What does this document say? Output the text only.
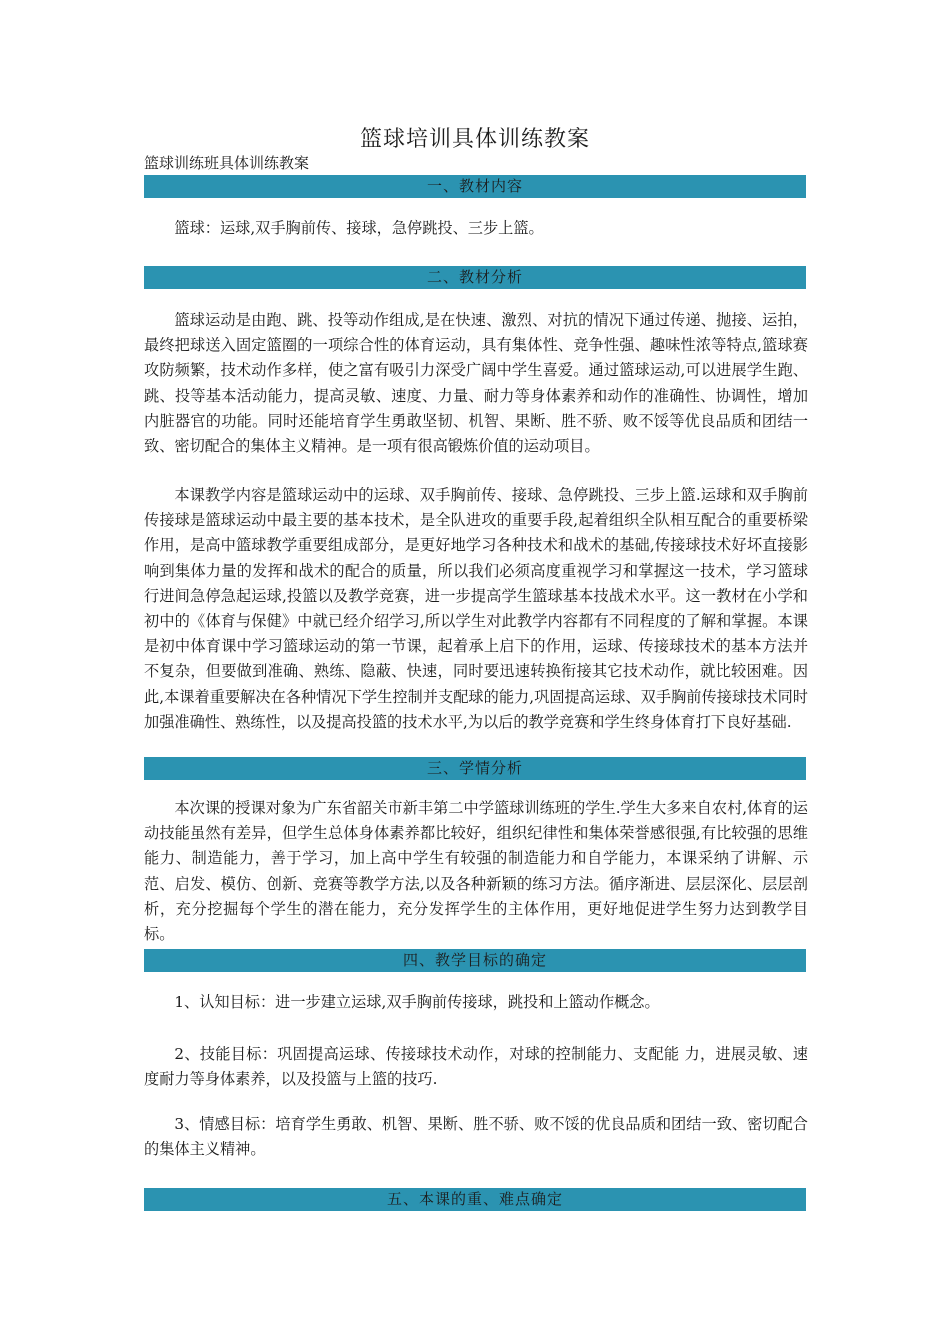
篮球培训具体训练教案
篮球训练班具体训练教案
一、教材内容

篮球：运球,双手胸前传、接球，急停跳投、三步上篮。

二、教材分析

篮球运动是由跑、跳、投等动作组成,是在快速、激烈、对抗的情况下通过传递、抛接、运拍，最终把球送入固定篮圈的一项综合性的体育运动，具有集体性、竞争性强、趣味性浓等特点,篮球赛攻防频繁，技术动作多样，使之富有吸引力深受广阔中学生喜爱。通过篮球运动,可以进展学生跑、跳、投等基本活动能力，提高灵敏、速度、力量、耐力等身体素养和动作的准确性、协调性，增加内脏器官的功能。同时还能培育学生勇敢坚韧、机智、果断、胜不骄、败不馁等优良品质和团结一致、密切配合的集体主义精神。是一项有很高锻炼价值的运动项目。

本课教学内容是篮球运动中的运球、双手胸前传、接球、急停跳投、三步上篮.运球和双手胸前传接球是篮球运动中最主要的基本技术，是全队进攻的重要手段,起着组织全队相互配合的重要桥梁作用，是高中篮球教学重要组成部分，是更好地学习各种技术和战术的基础,传接球技术好坏直接影响到集体力量的发挥和战术的配合的质量，所以我们必须高度重视学习和掌握这一技术，学习篮球行进间急停急起运球,投篮以及教学竞赛，进一步提高学生篮球基本技战术水平。这一教材在小学和初中的《体育与保健》中就已经介绍学习,所以学生对此教学内容都有不同程度的了解和掌握。本课是初中体育课中学习篮球运动的第一节课，起着承上启下的作用，运球、传接球技术的基本方法并不复杂，但要做到准确、熟练、隐蔽、快速，同时要迅速转换衔接其它技术动作，就比较困难。因此,本课着重要解决在各种情况下学生控制并支配球的能力,巩固提高运球、双手胸前传接球技术同时加强准确性、熟练性，以及提高投篮的技术水平,为以后的教学竞赛和学生终身体育打下良好基础.

三、学情分析

本次课的授课对象为广东省韶关市新丰第二中学篮球训练班的学生.学生大多来自农村,体育的运动技能虽然有差异，但学生总体身体素养都比较好，组织纪律性和集体荣誉感很强,有比较强的思维能力、制造能力，善于学习，加上高中学生有较强的制造能力和自学能力，本课采纳了讲解、示范、启发、模仿、创新、竞赛等教学方法,以及各种新颖的练习方法。循序渐进、层层深化、层层剖析，充分挖掘每个学生的潜在能力，充分发挥学生的主体作用，更好地促进学生努力达到教学目标。

四、教学目标的确定

1、认知目标：进一步建立运球,双手胸前传接球，跳投和上篮动作概念。

2、技能目标：巩固提高运球、传接球技术动作，对球的控制能力、支配能 力，进展灵敏、速度耐力等身体素养，以及投篮与上篮的技巧.

3、情感目标：培育学生勇敢、机智、果断、胜不骄、败不馁的优良品质和团结一致、密切配合的集体主义精神。

五、本课的重、难点确定
